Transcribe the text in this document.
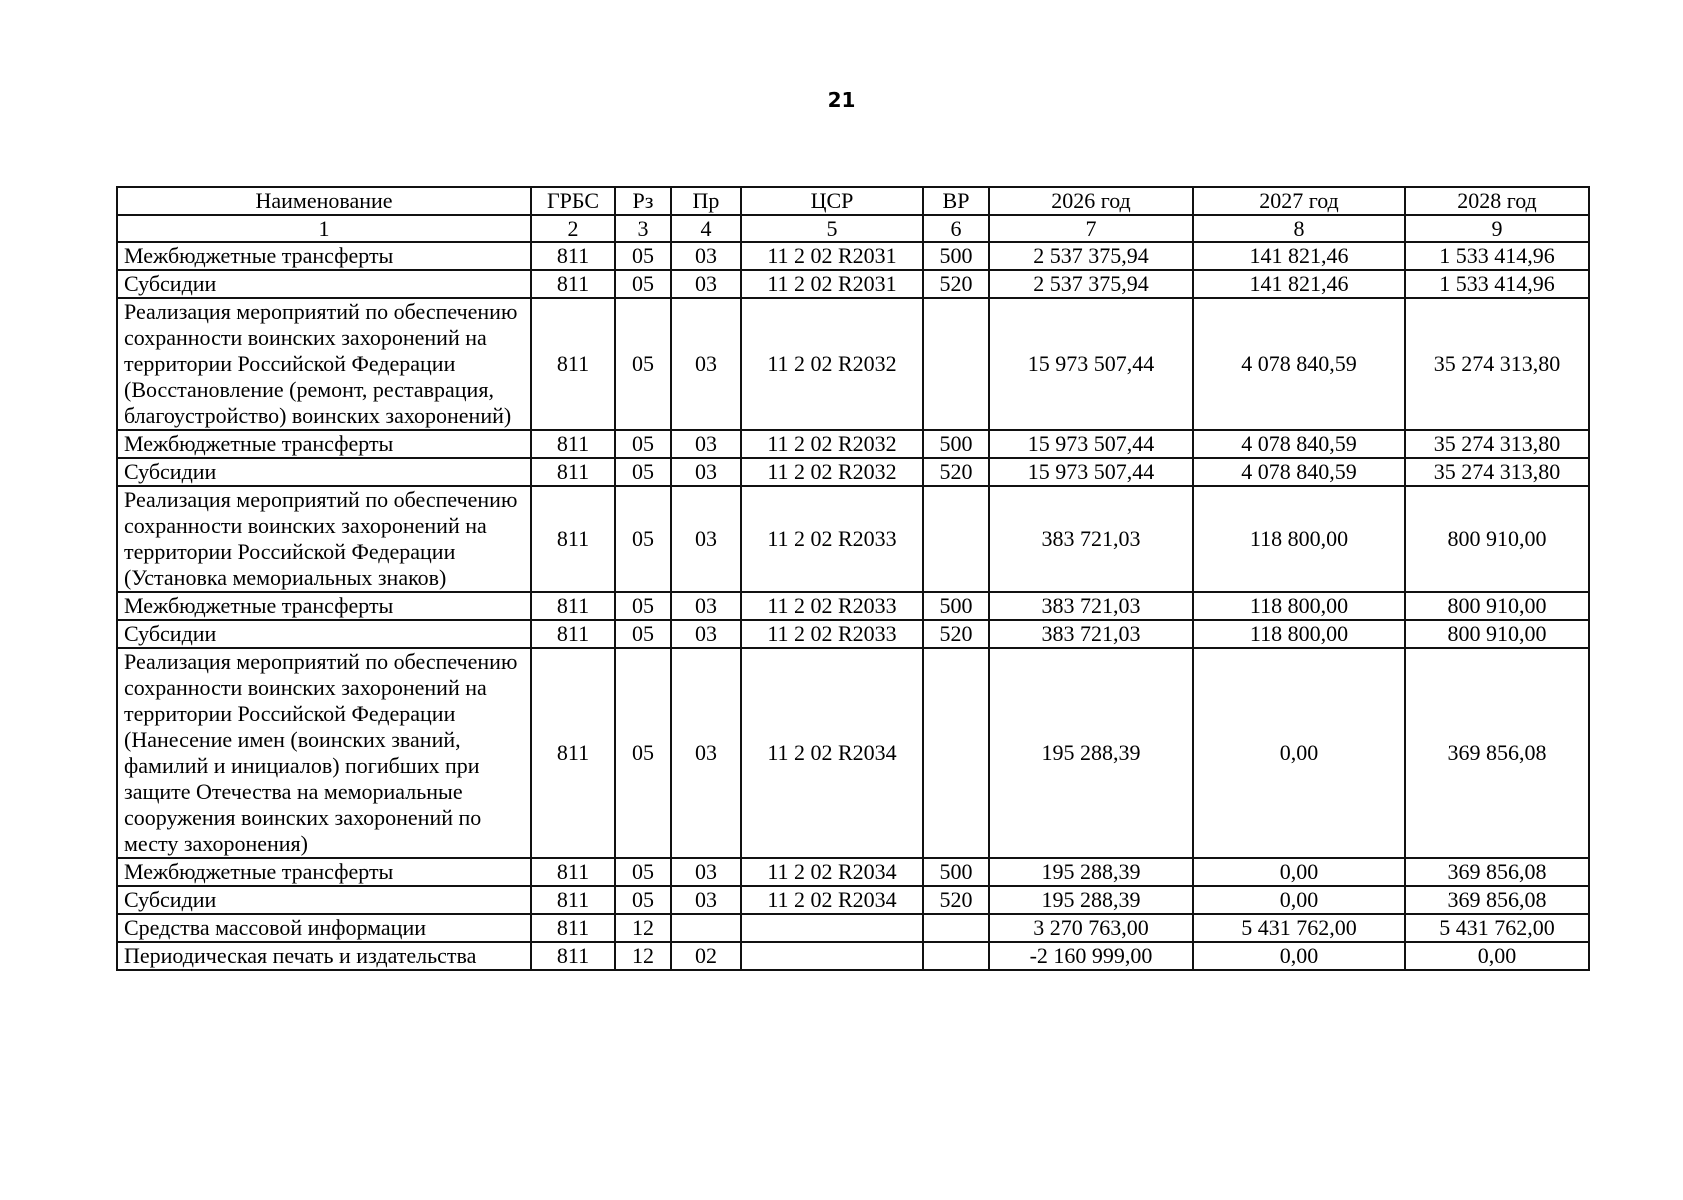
21
Наименование	ГРБС	Рз	Пр	ЦСР	ВР	2026 год	2027 год	2028 год
1	2	3	4	5	6	7	8	9
Межбюджетные трансферты	811	05	03	11 2 02 R2031	500	2 537 375,94	141 821,46	1 533 414,96
Субсидии	811	05	03	11 2 02 R2031	520	2 537 375,94	141 821,46	1 533 414,96
Реализация мероприятий по обеспечению сохранности воинских захоронений на территории Российской Федерации (Восстановление (ремонт, реставрация, благоустройство) воинских захоронений)	811	05	03	11 2 02 R2032		15 973 507,44	4 078 840,59	35 274 313,80
Межбюджетные трансферты	811	05	03	11 2 02 R2032	500	15 973 507,44	4 078 840,59	35 274 313,80
Субсидии	811	05	03	11 2 02 R2032	520	15 973 507,44	4 078 840,59	35 274 313,80
Реализация мероприятий по обеспечению сохранности воинских захоронений на территории Российской Федерации (Установка мемориальных знаков)	811	05	03	11 2 02 R2033		383 721,03	118 800,00	800 910,00
Межбюджетные трансферты	811	05	03	11 2 02 R2033	500	383 721,03	118 800,00	800 910,00
Субсидии	811	05	03	11 2 02 R2033	520	383 721,03	118 800,00	800 910,00
Реализация мероприятий по обеспечению сохранности воинских захоронений на территории Российской Федерации (Нанесение имен (воинских званий, фамилий и инициалов) погибших при защите Отечества на мемориальные сооружения воинских захоронений по месту захоронения)	811	05	03	11 2 02 R2034		195 288,39	0,00	369 856,08
Межбюджетные трансферты	811	05	03	11 2 02 R2034	500	195 288,39	0,00	369 856,08
Субсидии	811	05	03	11 2 02 R2034	520	195 288,39	0,00	369 856,08
Средства массовой информации	811	12				3 270 763,00	5 431 762,00	5 431 762,00
Периодическая печать и издательства	811	12	02			-2 160 999,00	0,00	0,00
